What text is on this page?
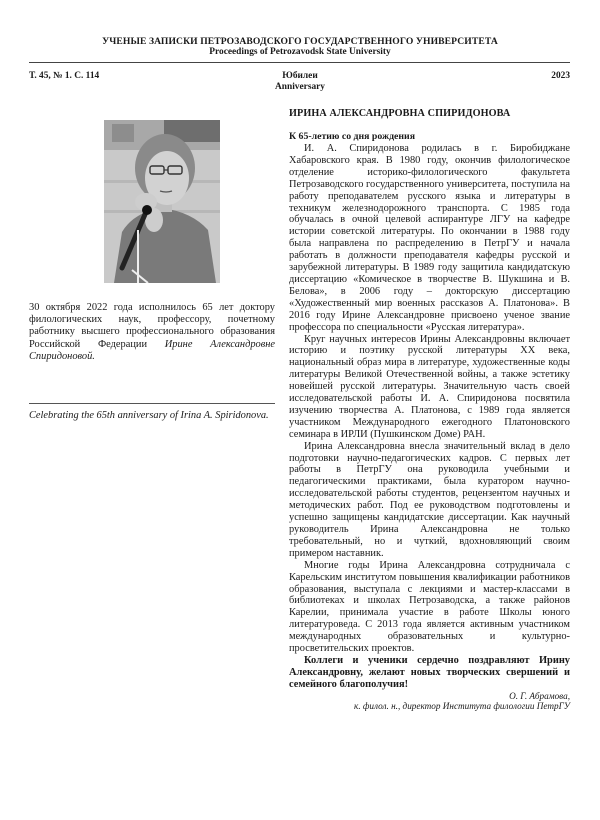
УЧЕНЫЕ ЗАПИСКИ ПЕТРОЗАВОДСКОГО ГОСУДАРСТВЕННОГО УНИВЕРСИТЕТА
Proceedings of Petrozavodsk State University
Т. 45, № 1. С. 114	Юбилеи
Anniversary
2023
30 октября 2022 года исполнилось 65 лет доктору филологических наук, профессору, почетному работнику высшего профессионального образования Российской Федерации Ирине Александровне Спиридоновой.
Celebrating the 65th anniversary of Irina A. Spiridonova.
ИРИНА АЛЕКСАНДРОВНА СПИРИДОНОВА
К 65-летию со дня рождения

И. А. Спиридонова родилась в г. Биробиджане Хабаровского края. В 1980 году, окончив филологическое отделение историко-филологического факультета Петрозаводского государственного университета, поступила на работу преподавателем русского языка и литературы в техникум железнодорожного транспорта. С 1985 года обучалась в очной целевой аспирантуре ЛГУ на кафедре истории советской литературы. По окончании в 1988 году была направлена по распределению в ПетрГУ и начала работать в должности преподавателя кафедры русской и зарубежной литературы. В 1989 году защитила кандидатскую диссертацию «Комическое в творчестве В. Шукшина и В. Белова», в 2006 году – докторскую диссертацию «Художественный мир военных рассказов А. Платонова». В 2016 году Ирине Александровне присвоено ученое звание профессора по специальности «Русская литература».

Круг научных интересов Ирины Александровны включает историю и поэтику русской литературы XX века, национальный образ мира в литературе, художественные коды литературы Великой Отечественной войны, а также эстетику новейшей русской литературы. Значительную часть своей исследовательской работы И. А. Спиридонова посвятила изучению творчества А. Платонова, с 1989 года является участником Международного ежегодного Платоновского семинара в ИРЛИ (Пушкинском Доме) РАН.

Ирина Александровна внесла значительный вклад в дело подготовки научно-педагогических кадров. С первых лет работы в ПетрГУ она руководила учебными и педагогическими практиками, была куратором научно-исследовательской работы студентов, рецензентом научных и методических работ. Под ее руководством подготовлены и успешно защищены кандидатские диссертации. Как научный руководитель Ирина Александровна не только требовательный, но и чуткий, вдохновляющий своим примером наставник.

Многие годы Ирина Александровна сотрудничала с Карельским институтом повышения квалификации работников образования, выступала с лекциями и мастер-классами в библиотеках и школах Петрозаводска, а также районов Карелии, принимала участие в работе Школы юного литературоведа. С 2013 года является активным участником международных образовательных и культурно-просветительских проектов.

Коллеги и ученики сердечно поздравляют Ирину Александровну, желают новых творческих свершений и семейного благополучия!

О. Г. Абрамова,
к. филол. н., директор Института филологии ПетрГУ
